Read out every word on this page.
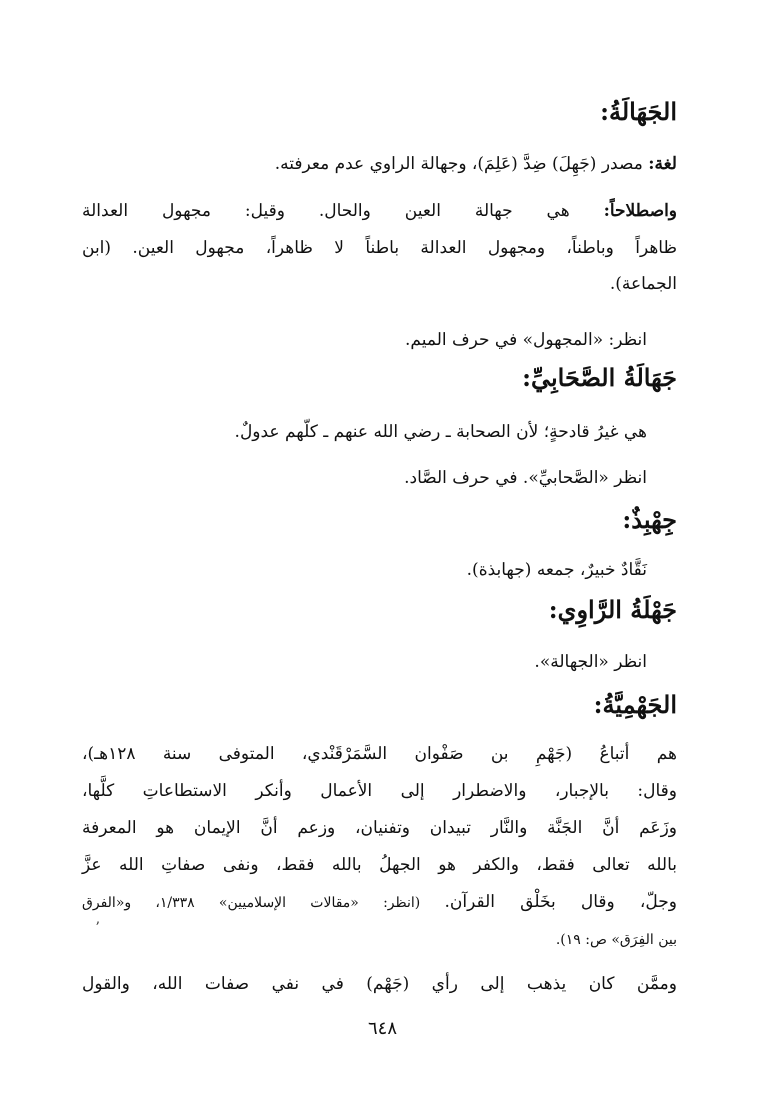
الجَهَالَةُ:
لغة: مصدر (جَهِلَ) ضِدَّ (عَلِمَ)، وجهالة الراوي عدم معرفته.
واصطلاحاً: هي جهالة العين والحال. وقيل: مجهول العدالة
ظاهراً وباطناً، ومجهول العدالة باطناً لا ظاهراً، مجهول العين. (ابن
الجماعة).
انظر: «المجهول» في حرف الميم.
جَهَالَةُ الصَّحَابِيِّ:
هي غيرُ قادحةٍ؛ لأن الصحابة ـ رضي الله عنهم ـ كلّهم عدولٌ.
انظر «الصَّحابيِّ». في حرف الصَّاد.
جِهْبِذٌ:
نَقَّادٌ خبيرٌ، جمعه (جهابذة).
جَهْلَةُ الرَّاوِي:
انظر «الجهالة».
الجَهْمِيَّةُ:
هم أتباعُ (جَهْمِ بن صَفْوان السَّمَرْقَنْدي، المتوفى سنة ١٢٨هـ)،
وقال: بالإجبار، والاضطرار إلى الأعمال وأنكر الاستطاعاتِ كلَّها،
وزَعَم أنَّ الجَنَّة والنَّار تبيدان وتفنيان، وزعم أنَّ الإيمان هو المعرفة
بالله تعالى فقط، والكفر هو الجهلُ بالله فقط، ونفى صفاتِ الله عزَّ
وجلّ، وقال بخَلْق القرآن. (انظر: «مقالات الإسلاميين» ١/٣٣٨، و«الفرق
بين الفِرَق» ص: ١٩).
وممَّن كان يذهب إلى رأي (جَهْم) في نفي صفات الله، والقول
ʼ
٦٤٨
